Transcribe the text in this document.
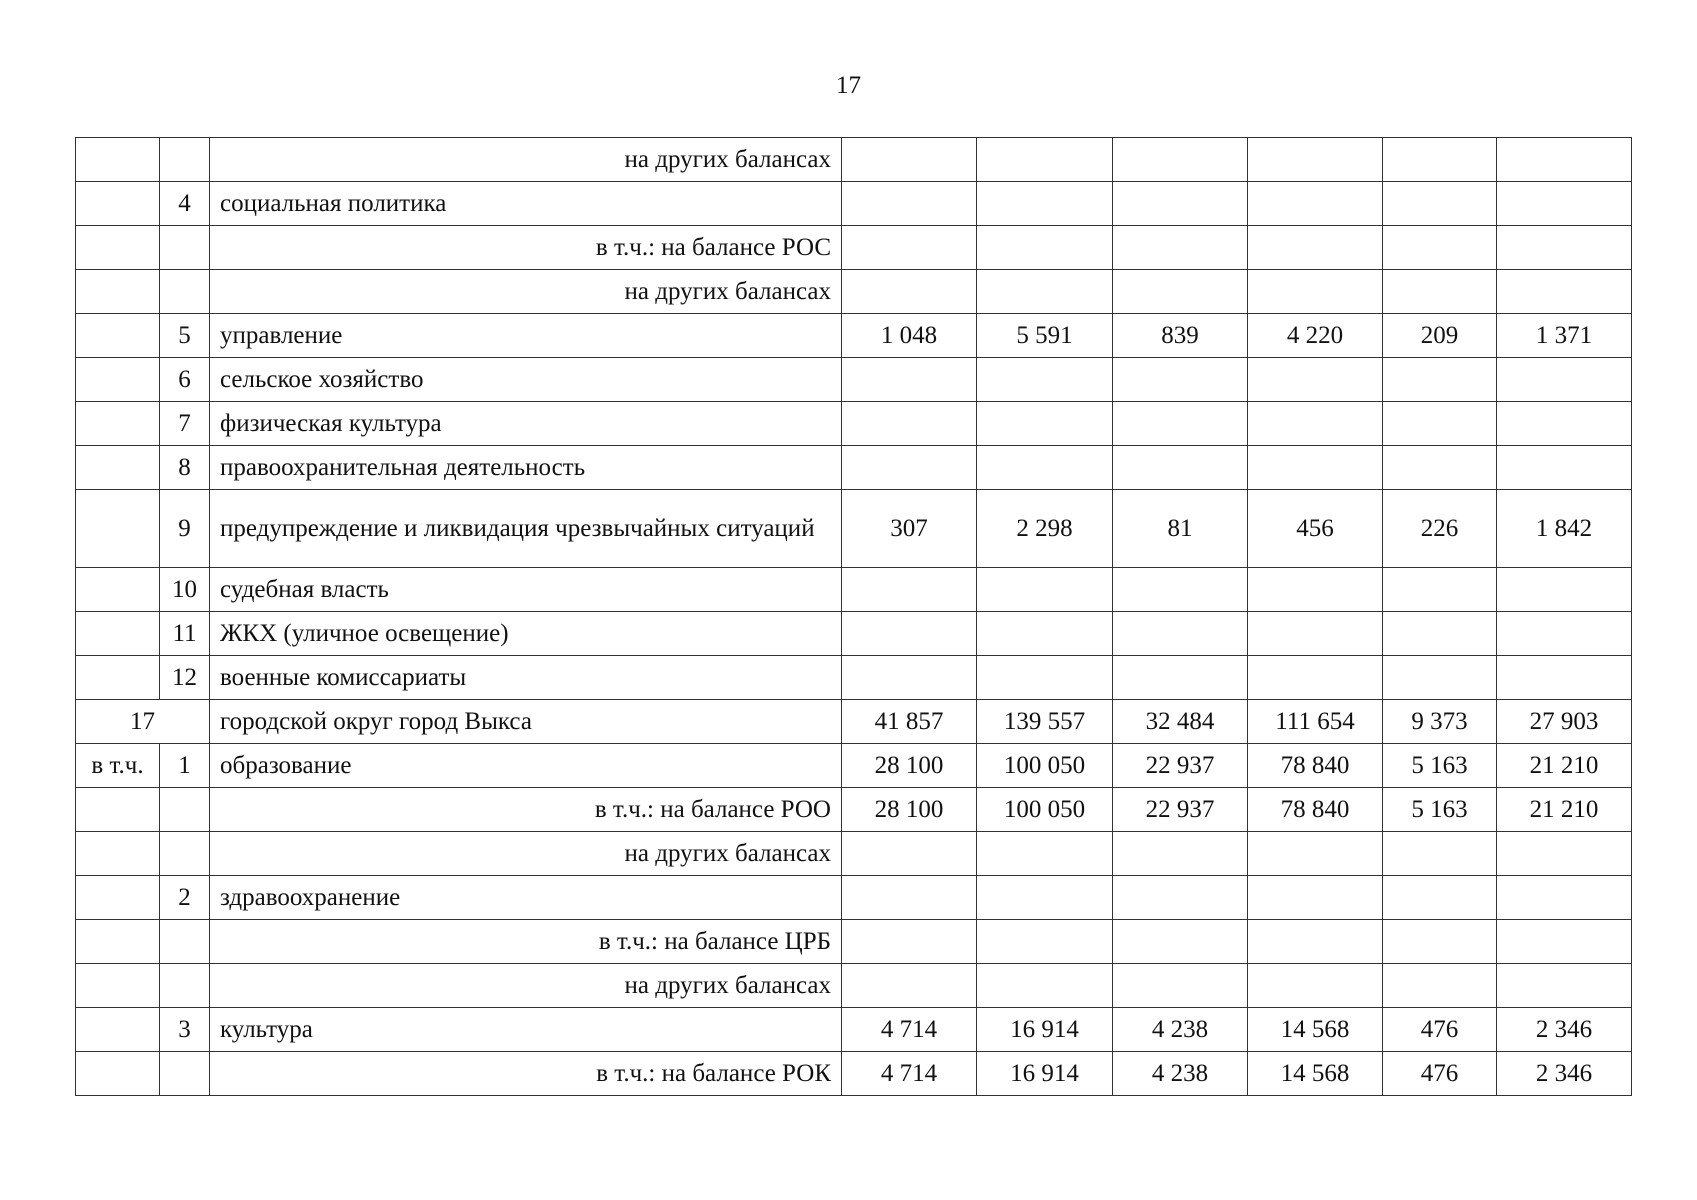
17
		на других балансах						
	4	социальная политика						
		в т.ч.: на балансе РОС						
		на других балансах						
	5	управление	1 048	5 591	839	4 220	209	1 371
	6	сельское хозяйство						
	7	физическая культура						
	8	правоохранительная деятельность						
	9	предупреждение и ликвидация чрезвычайных ситуаций	307	2 298	81	456	226	1 842
	10	судебная власть						
	11	ЖКХ (уличное освещение)						
	12	военные комиссариаты						
17		городской округ город Выкса	41 857	139 557	32 484	111 654	9 373	27 903
в т.ч.	1	образование	28 100	100 050	22 937	78 840	5 163	21 210
		в т.ч.: на балансе РОО	28 100	100 050	22 937	78 840	5 163	21 210
		на других балансах						
	2	здравоохранение						
		в т.ч.: на балансе ЦРБ						
		на других балансах						
	3	культура	4 714	16 914	4 238	14 568	476	2 346
		в т.ч.: на балансе РОК	4 714	16 914	4 238	14 568	476	2 346
